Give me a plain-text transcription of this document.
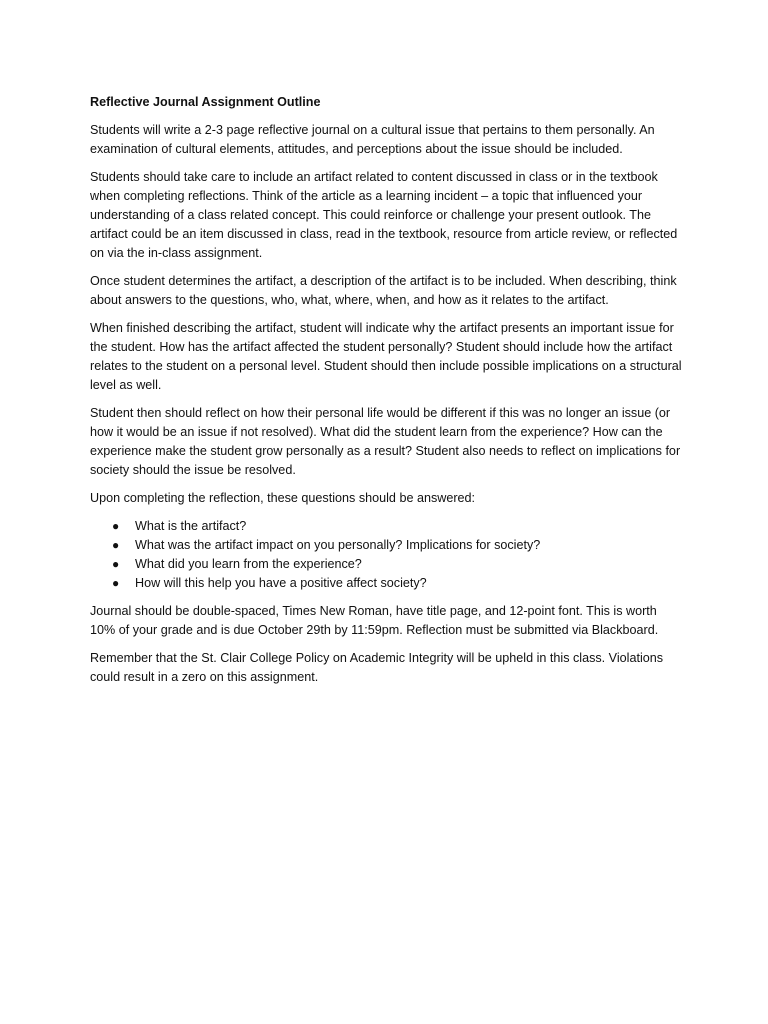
Reflective Journal Assignment Outline

Students will write a 2-3 page reflective journal on a cultural issue that pertains to them personally. An examination of cultural elements, attitudes, and perceptions about the issue should be included.

Students should take care to include an artifact related to content discussed in class or in the textbook when completing reflections. Think of the article as a learning incident – a topic that influenced your understanding of a class related concept. This could reinforce or challenge your present outlook. The artifact could be an item discussed in class, read in the textbook, resource from article review, or reflected on via the in-class assignment.

Once student determines the artifact, a description of the artifact is to be included. When describing, think about answers to the questions, who, what, where, when, and how as it relates to the artifact.

When finished describing the artifact, student will indicate why the artifact presents an important issue for the student. How has the artifact affected the student personally? Student should include how the artifact relates to the student on a personal level. Student should then include possible implications on a structural level as well.

Student then should reflect on how their personal life would be different if this was no longer an issue (or how it would be an issue if not resolved). What did the student learn from the experience? How can the experience make the student grow personally as a result? Student also needs to reflect on implications for society should the issue be resolved.

Upon completing the reflection, these questions should be answered:

● What is the artifact?
● What was the artifact impact on you personally? Implications for society?
● What did you learn from the experience?
● How will this help you have a positive affect society?

Journal should be double-spaced, Times New Roman, have title page, and 12-point font. This is worth 10% of your grade and is due October 29th by 11:59pm. Reflection must be submitted via Blackboard.

Remember that the St. Clair College Policy on Academic Integrity will be upheld in this class. Violations could result in a zero on this assignment.
